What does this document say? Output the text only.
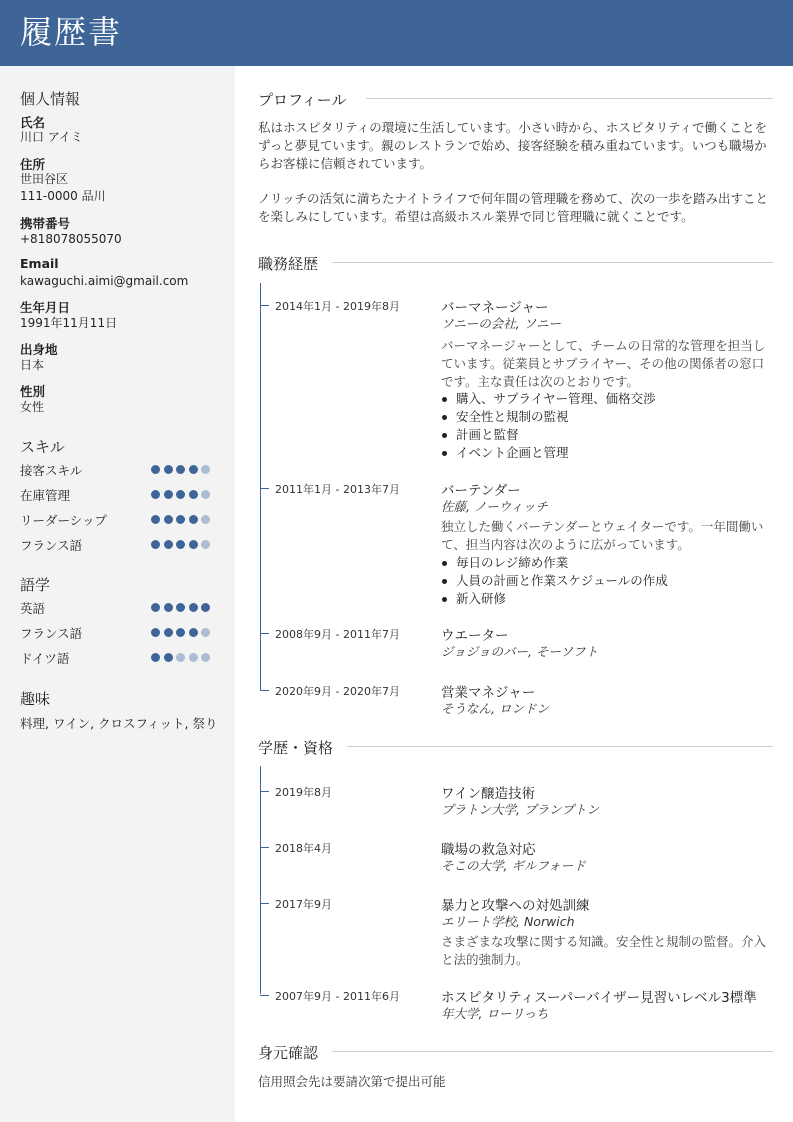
履歴書
個人情報
氏名
川口 アイミ
住所
世田谷区
111-0000 品川
携帯番号
+818078055070
Email
kawaguchi.aimi@gmail.com
生年月日
1991年11月11日
出身地
日本
性別
女性
スキル
接客スキル
在庫管理
リーダーシップ
フランス語
語学
英語
フランス語
ドイツ語
趣味
料理, ワイン, クロスフィット, 祭り
プロフィール
私はホスピタリティの環境に生活しています。小さい時から、ホスピタリティで働くことをずっと夢見ています。親のレストランで始め、接客経験を積み重ねています。いつも職場からお客様に信頼されています。
ノリッチの活気に満ちたナイトライフで何年間の管理職を務めて、次の一歩を踏み出すことを楽しみにしています。希望は高級ホスル業界で同じ管理職に就くことです。
職務経歴
2014年1月 - 2019年8月	バーマネージャー
ソニーの会社, ソニー
バーマネージャーとして、チームの日常的な管理を担当しています。従業員とサプライヤー、その他の関係者の窓口です。主な責任は次のとおりです。
購入、サプライヤー管理、価格交渉
安全性と規制の監視
計画と監督
イベント企画と管理
2011年1月 - 2013年7月	バーテンダー
佐藤, ノーウィッチ
独立した働くバーテンダーとウェイターです。一年間働いて、担当内容は次のように広がっています。
毎日のレジ締め作業
人員の計画と作業スケジュールの作成
新入研修
2008年9月 - 2011年7月	ウエーター
ジョジョのバー, そーソフト
2020年9月 - 2020年7月	営業マネジャー
そうなん, ロンドン
学歴・資格
2019年8月	ワイン醸造技術
プラトン大学, プランプトン
2018年4月	職場の救急対応
そこの大学, ギルフォード
2017年9月	暴力と攻撃への対処訓練
エリート学校, Norwich
さまざまな攻撃に関する知識。安全性と規制の監督。介入と法的強制力。
2007年9月 - 2011年6月	ホスピタリティスーパーバイザー見習いレベル3標準
年大学, ローリっち
身元確認
信用照会先は要請次第で提出可能
